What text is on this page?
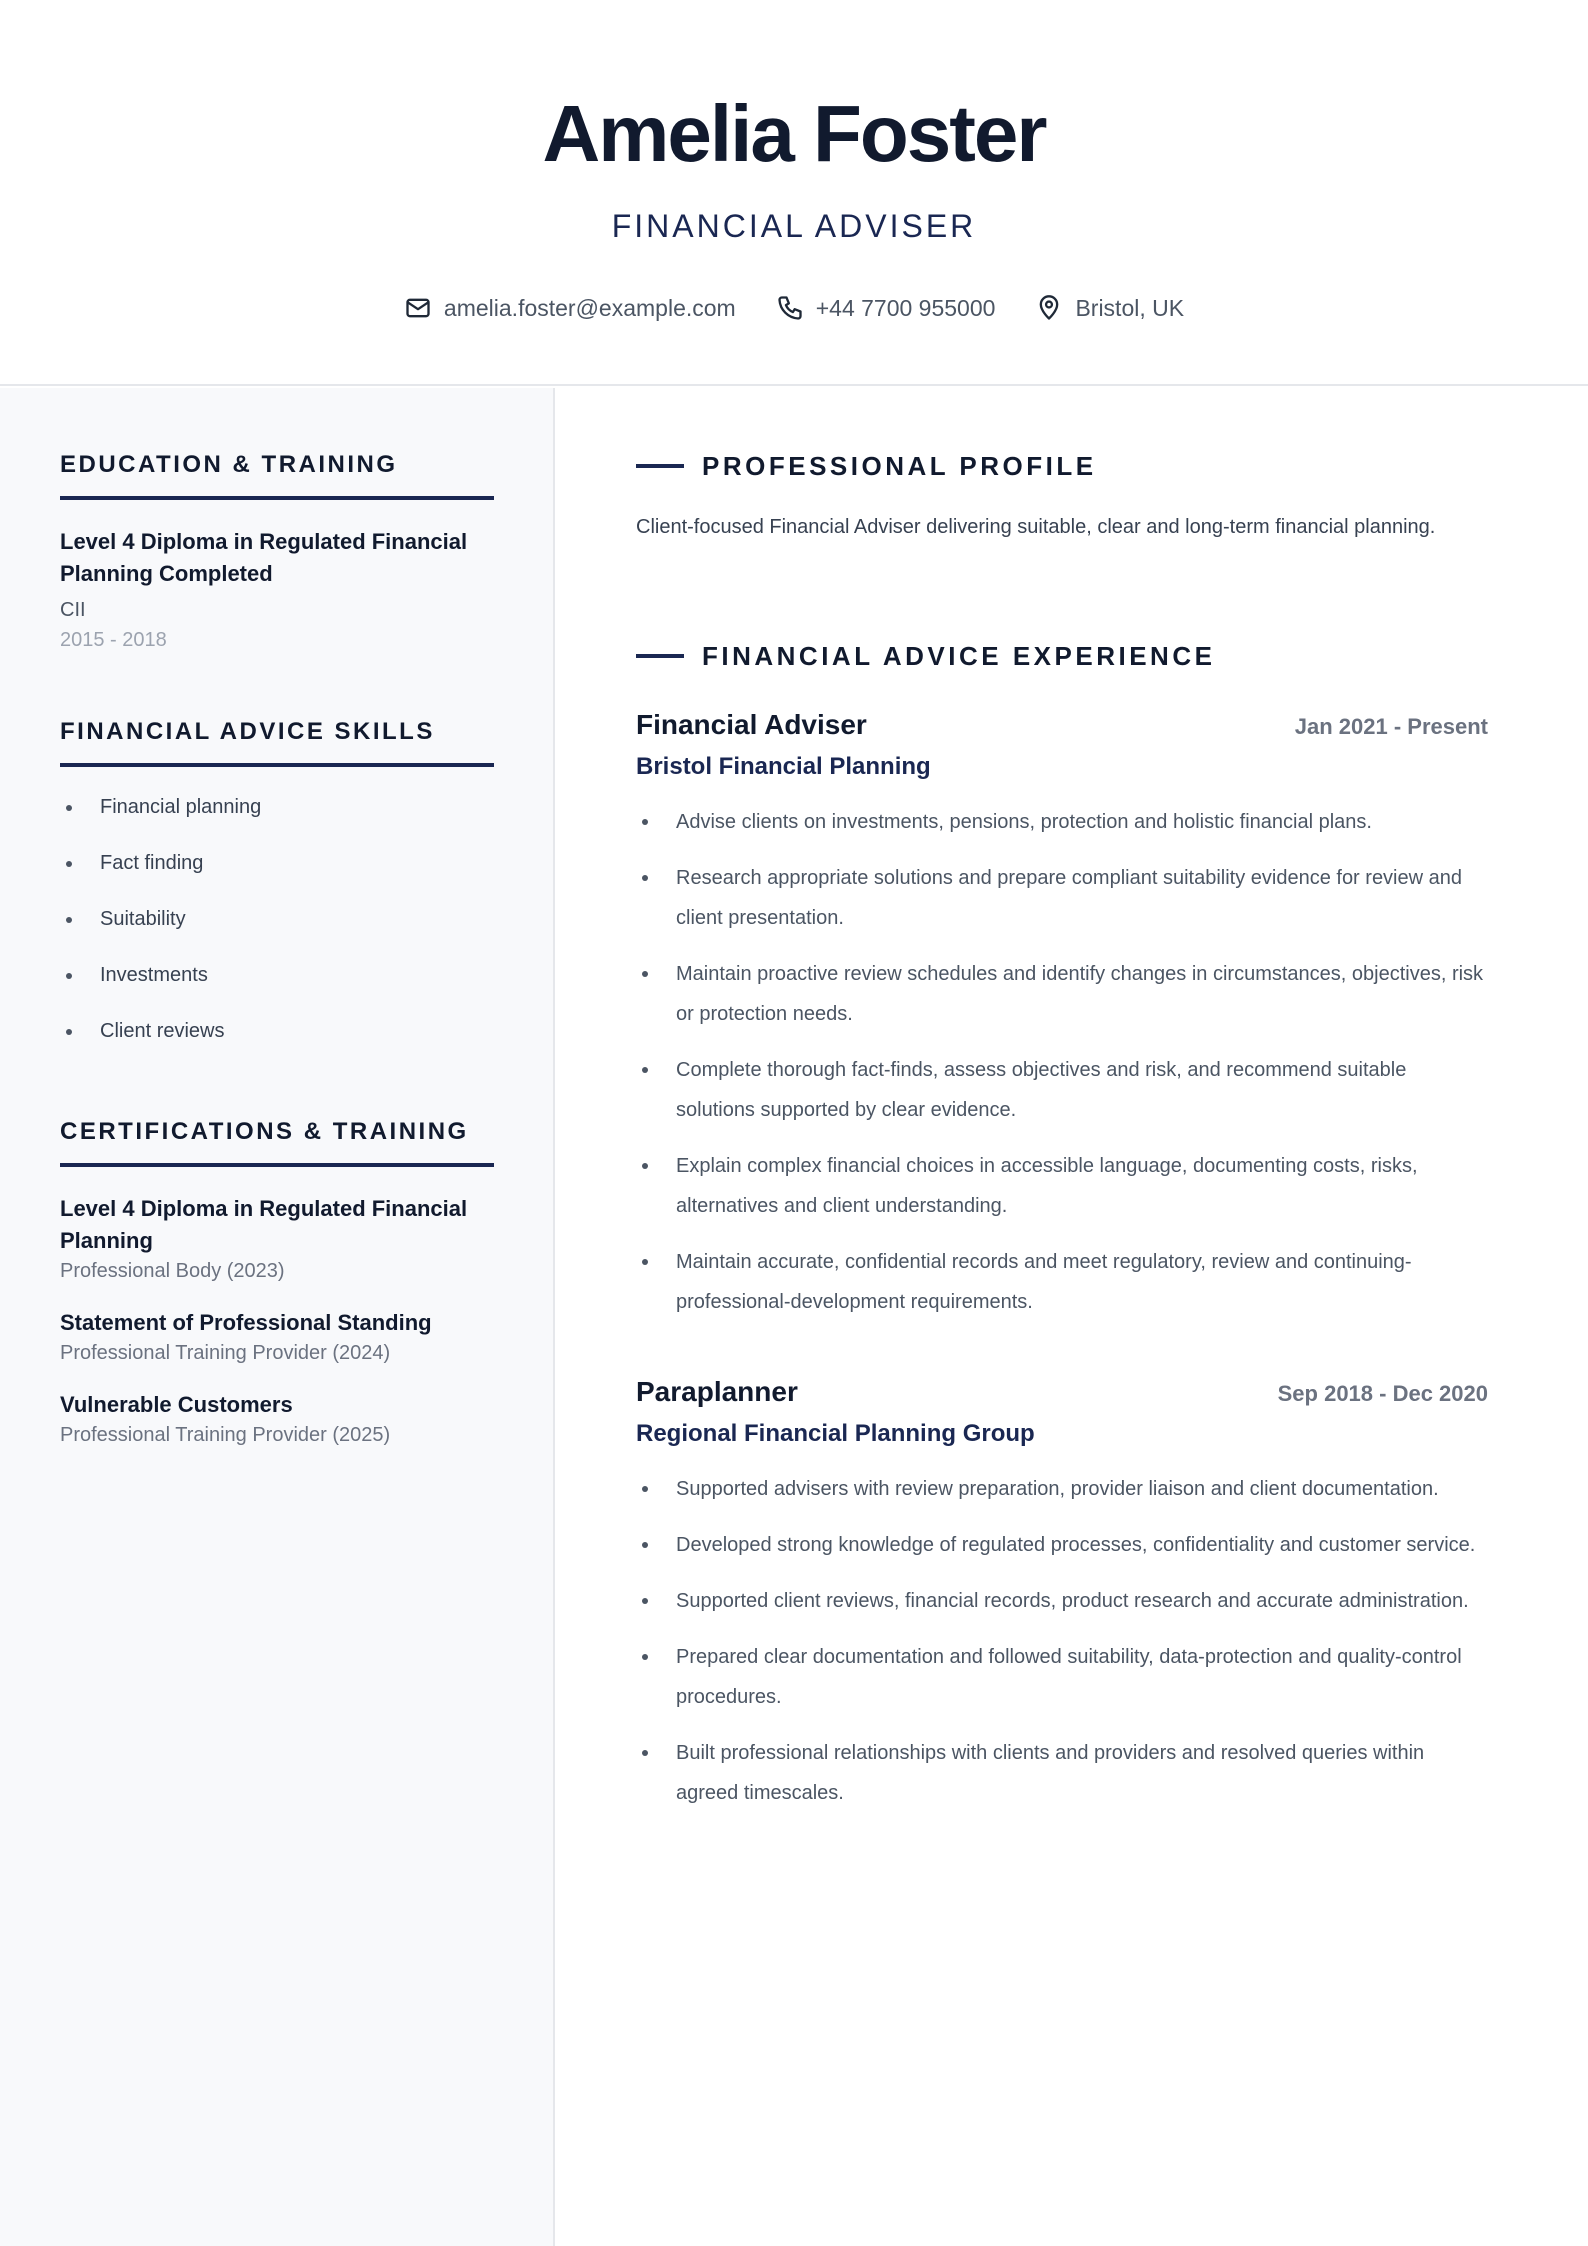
Amelia Foster
FINANCIAL ADVISER
amelia.foster@example.com	+44 7700 955000	Bristol, UK
EDUCATION & TRAINING
Level 4 Diploma in Regulated Financial Planning Completed
CII
2015 - 2018
FINANCIAL ADVICE SKILLS
Financial planning
Fact finding
Suitability
Investments
Client reviews
CERTIFICATIONS & TRAINING
Level 4 Diploma in Regulated Financial Planning
Professional Body (2023)
Statement of Professional Standing
Professional Training Provider (2024)
Vulnerable Customers
Professional Training Provider (2025)
PROFESSIONAL PROFILE
Client-focused Financial Adviser delivering suitable, clear and long-term financial planning.
FINANCIAL ADVICE EXPERIENCE
Financial Adviser	Jan 2021 - Present
Bristol Financial Planning
Advise clients on investments, pensions, protection and holistic financial plans.
Research appropriate solutions and prepare compliant suitability evidence for review and client presentation.
Maintain proactive review schedules and identify changes in circumstances, objectives, risk or protection needs.
Complete thorough fact-finds, assess objectives and risk, and recommend suitable solutions supported by clear evidence.
Explain complex financial choices in accessible language, documenting costs, risks, alternatives and client understanding.
Maintain accurate, confidential records and meet regulatory, review and continuing-professional-development requirements.
Paraplanner	Sep 2018 - Dec 2020
Regional Financial Planning Group
Supported advisers with review preparation, provider liaison and client documentation.
Developed strong knowledge of regulated processes, confidentiality and customer service.
Supported client reviews, financial records, product research and accurate administration.
Prepared clear documentation and followed suitability, data-protection and quality-control procedures.
Built professional relationships with clients and providers and resolved queries within agreed timescales.
